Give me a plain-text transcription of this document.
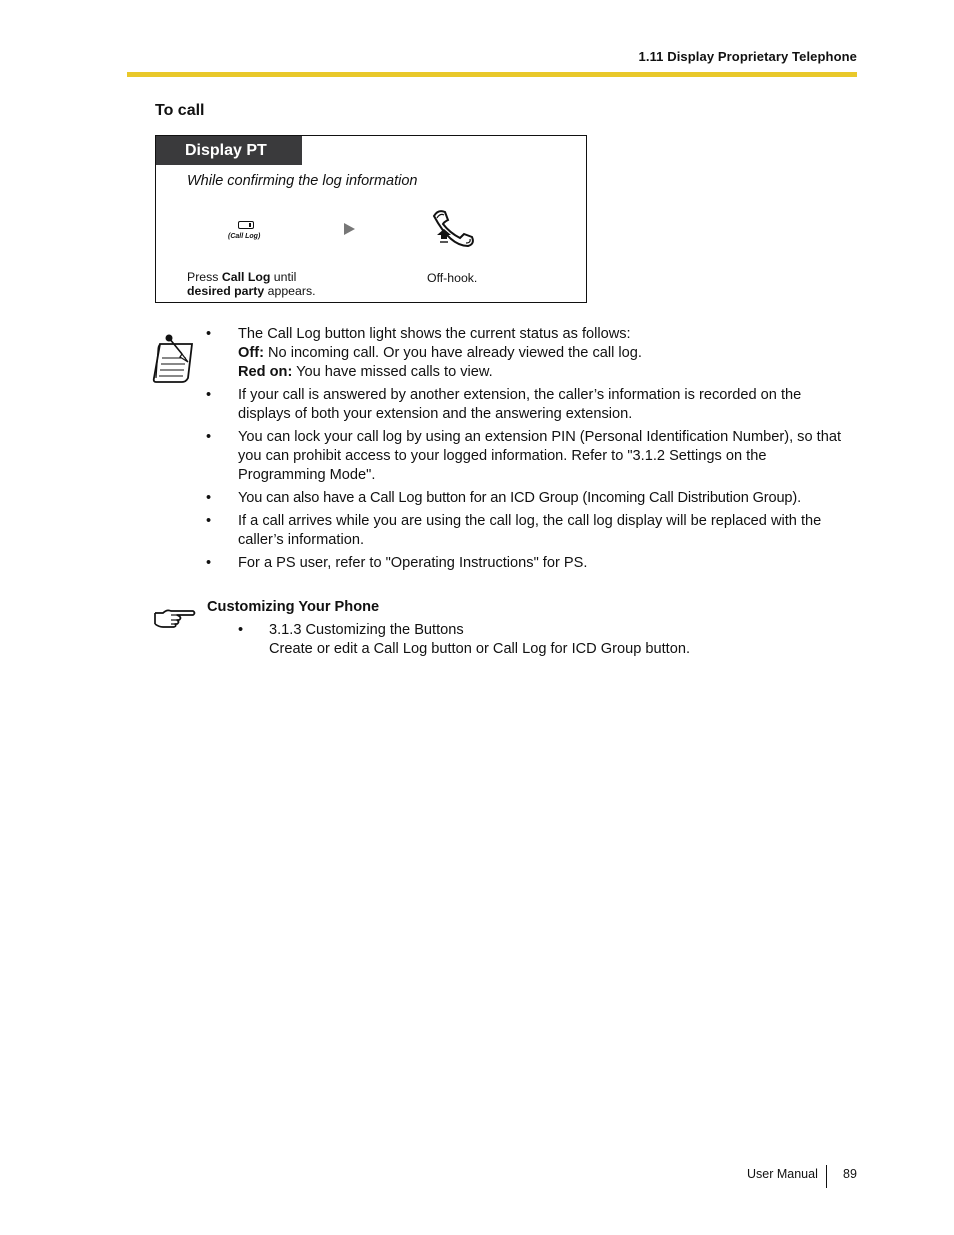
1.11 Display Proprietary Telephone
To call
Display PT
While confirming the log information
(Call Log)
Press Call Log until
desired party appears.
Off-hook.
• The Call Log button light shows the current status as follows:
Off: No incoming call. Or you have already viewed the call log.
Red on: You have missed calls to view.
• If your call is answered by another extension, the caller’s information is recorded on the displays of both your extension and the answering extension.
• You can lock your call log by using an extension PIN (Personal Identification Number), so that you can prohibit access to your logged information. Refer to "3.1.2 Settings on the Programming Mode".
• You can also have a Call Log button for an ICD Group (Incoming Call Distribution Group).
• If a call arrives while you are using the call log, the call log display will be replaced with the caller’s information.
• For a PS user, refer to "Operating Instructions" for PS.
Customizing Your Phone
• 3.1.3 Customizing the Buttons
Create or edit a Call Log button or Call Log for ICD Group button.
User Manual 89
